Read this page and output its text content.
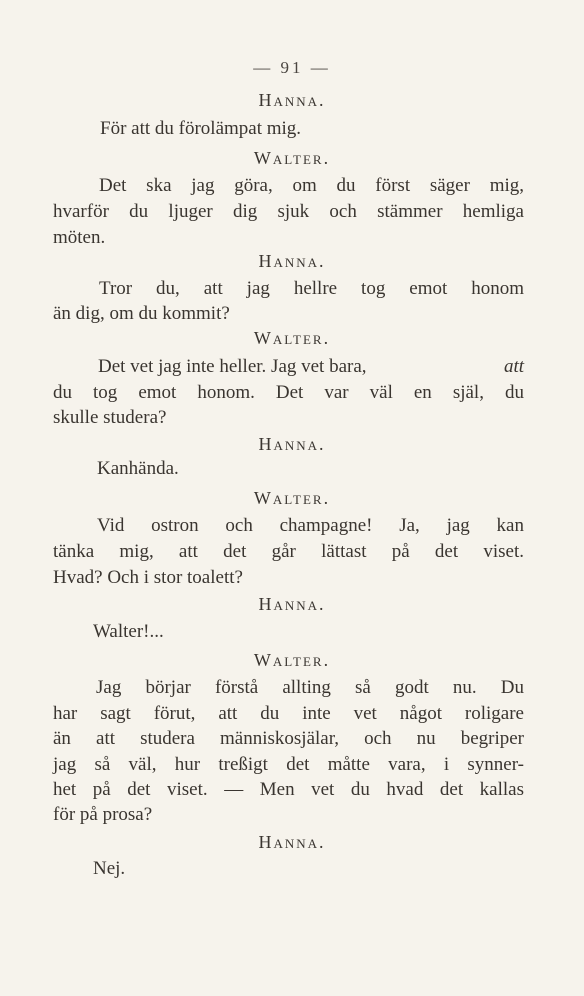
— 91 —
Hanna.
För att du förolämpat mig.
Walter.
Det ska jag göra, om du först säger mig,
hvarför du ljuger dig sjuk och stämmer hemliga
möten.
Hanna.
Tror du, att jag hellre tog emot honom
än dig, om du kommit?
Walter.
Det vet jag inte heller. Jag vet bara,	att
du tog emot honom. Det var väl en själ, du
skulle studera?
Hanna.
Kanhända.
Walter.
Vid ostron och champagne! Ja, jag kan
tänka mig, att det går lättast på det viset.
Hvad? Och i stor toalett?
Hanna.
Walter!...
Walter.
Jag börjar förstå allting så godt nu. Du
har sagt förut, att du inte vet något roligare
än att studera människosjälar, och nu begriper
jag så väl, hur treßigt det måtte vara, i synner-
het på det viset. — Men vet du hvad det kallas
för på prosa?
Hanna.
Nej.
